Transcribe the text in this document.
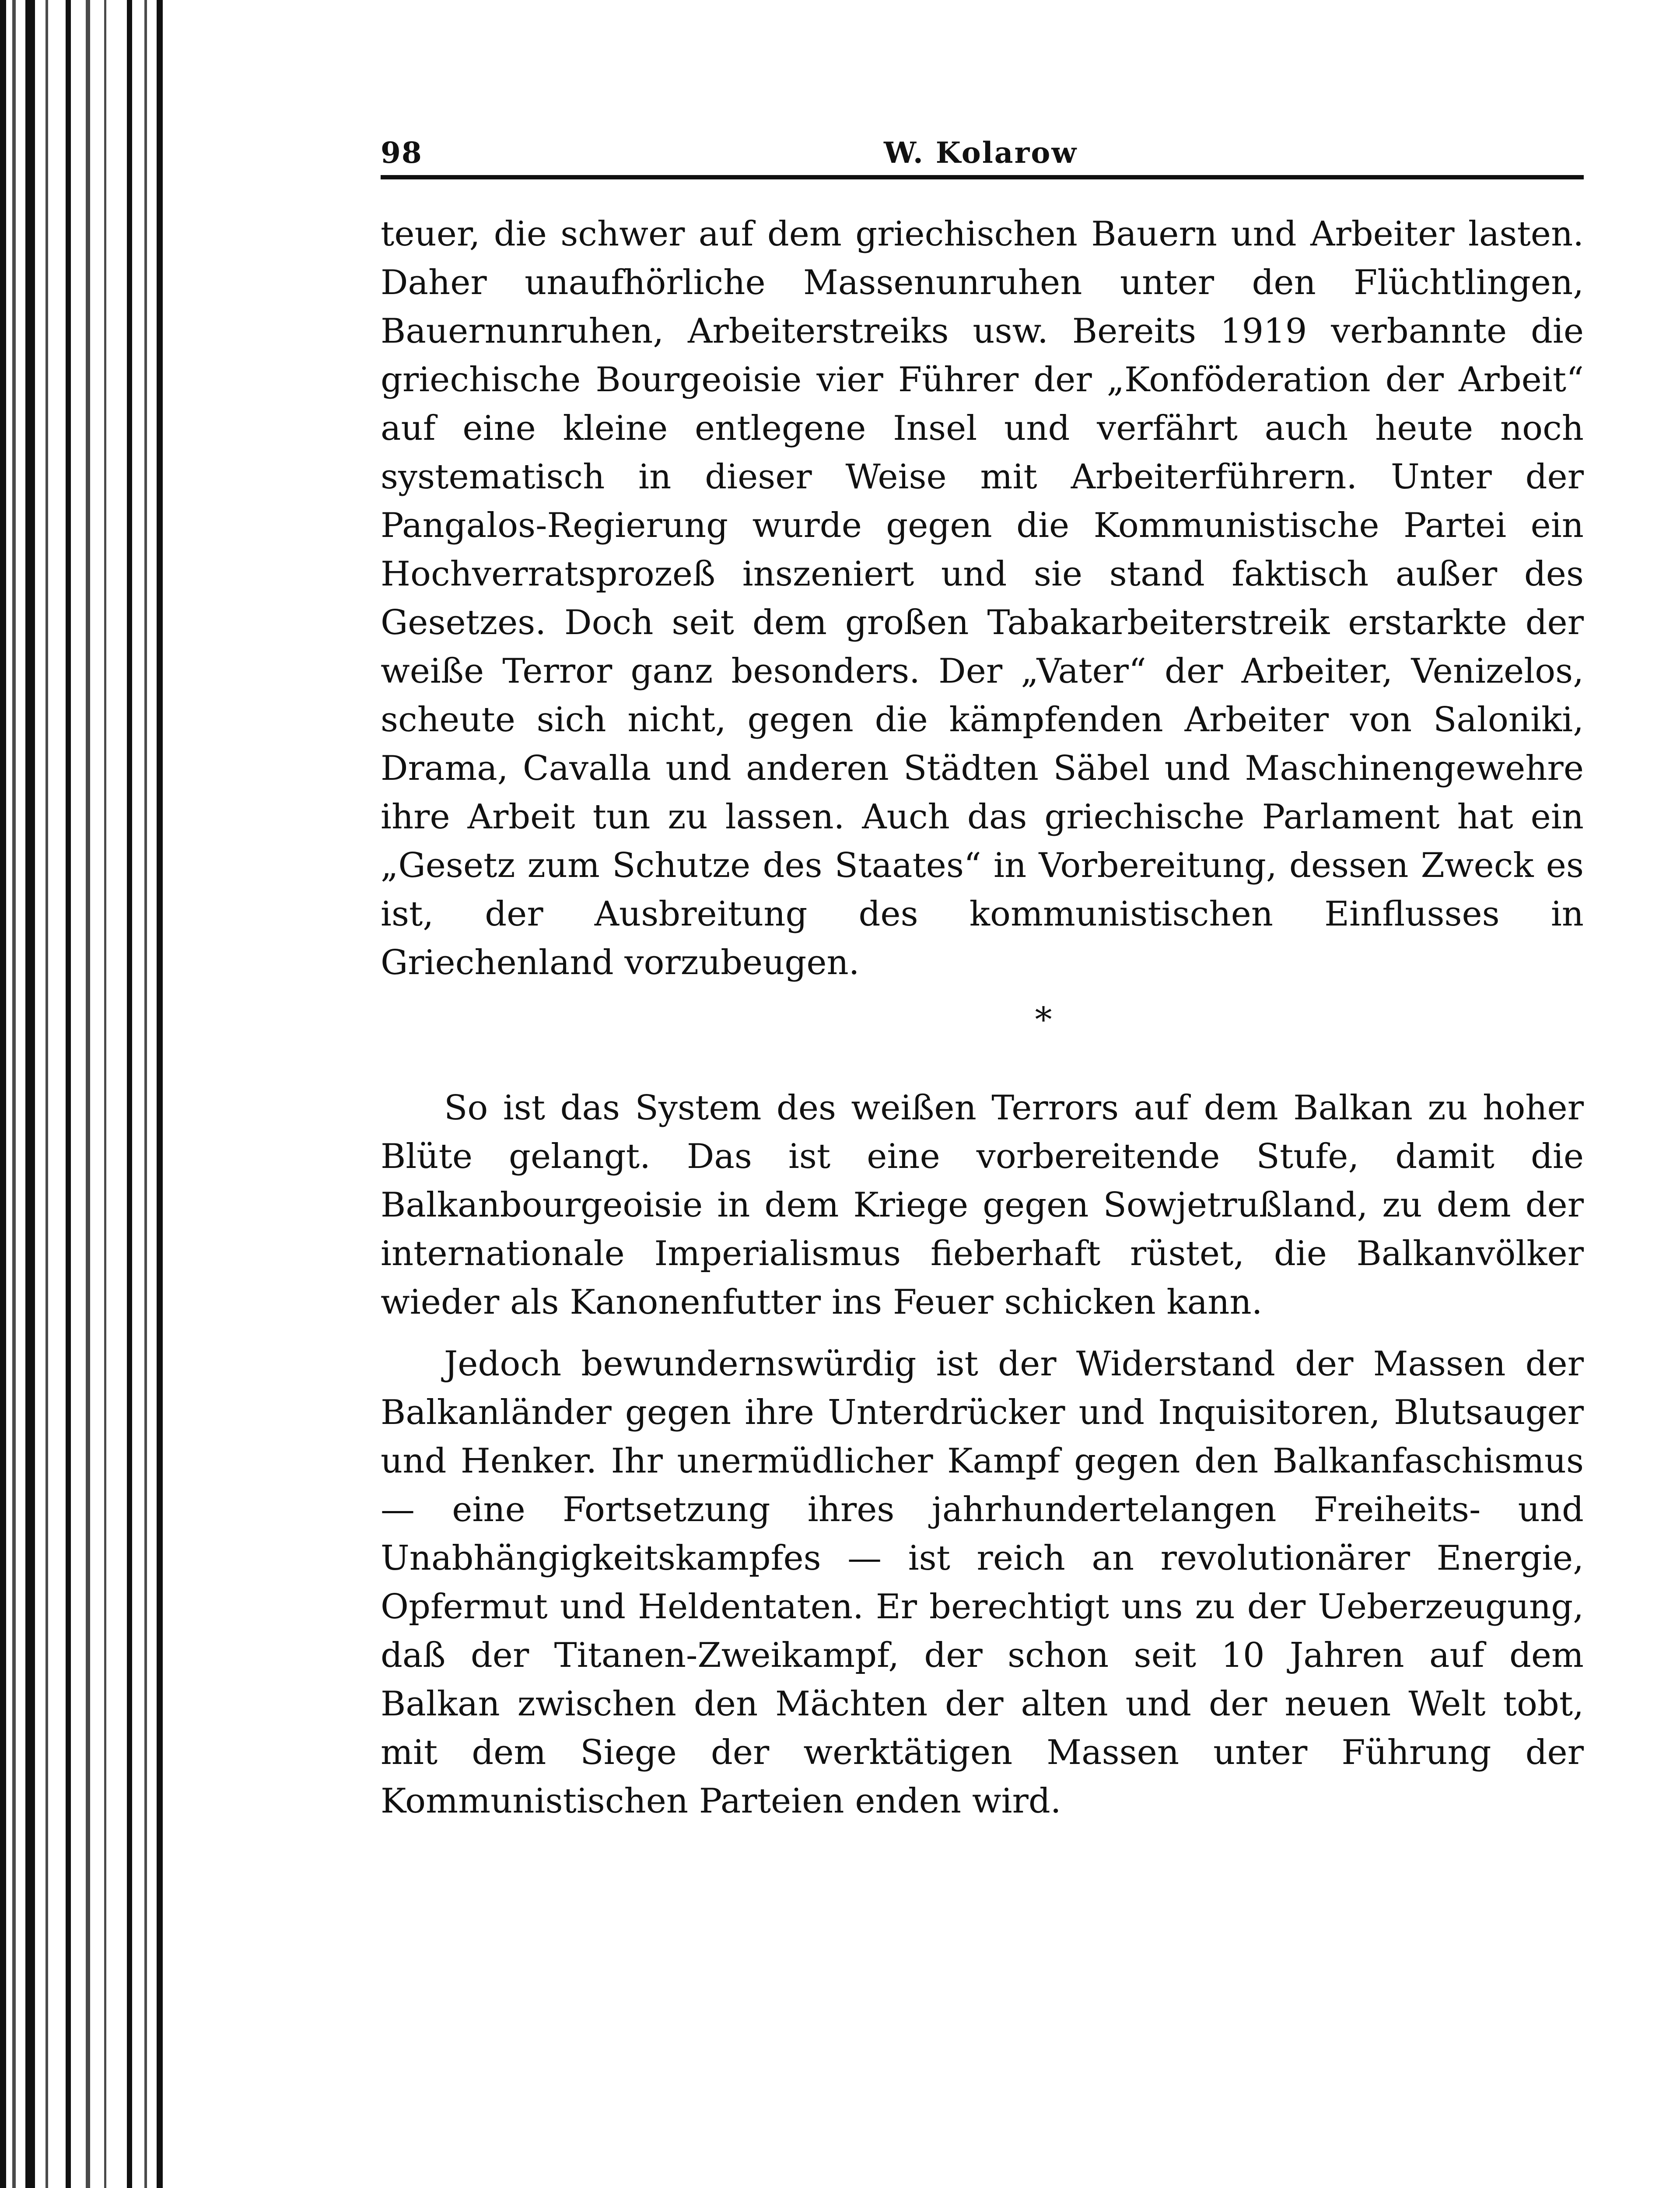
98	W. Kolarow

teuer, die schwer auf dem griechischen Bauern und Arbeiter lasten. Daher unaufhörliche Massenunruhen unter den Flüchtlingen, Bauernunruhen, Arbeiterstreiks usw. Bereits 1919 verbannte die griechische Bourgeoisie vier Führer der „Konföderation der Arbeit“ auf eine kleine entlegene Insel und verfährt auch heute noch systematisch in dieser Weise mit Arbeiterführern. Unter der Pangalos-Regierung wurde gegen die Kommunistische Partei ein Hochverratsprozeß inszeniert und sie stand faktisch außer des Gesetzes. Doch seit dem großen Tabakarbeiterstreik erstarkte der weiße Terror ganz besonders. Der „Vater“ der Arbeiter, Venizelos, scheute sich nicht, gegen die kämpfenden Arbeiter von Saloniki, Drama, Cavalla und anderen Städten Säbel und Maschinengewehre ihre Arbeit tun zu lassen. Auch das griechische Parlament hat ein „Gesetz zum Schutze des Staates“ in Vorbereitung, dessen Zweck es ist, der Ausbreitung des kommunistischen Einflusses in Griechenland vorzubeugen.

*

So ist das System des weißen Terrors auf dem Balkan zu hoher Blüte gelangt. Das ist eine vorbereitende Stufe, damit die Balkanbourgeoisie in dem Kriege gegen Sowjetrußland, zu dem der internationale Imperialismus fieberhaft rüstet, die Balkanvölker wieder als Kanonenfutter ins Feuer schicken kann.

Jedoch bewundernswürdig ist der Widerstand der Massen der Balkanländer gegen ihre Unterdrücker und Inquisitoren, Blutsauger und Henker. Ihr unermüdlicher Kampf gegen den Balkanfaschismus — eine Fortsetzung ihres jahrhundertelangen Freiheits- und Unabhängigkeitskampfes — ist reich an revolutionärer Energie, Opfermut und Heldentaten. Er berechtigt uns zu der Ueberzeugung, daß der Titanen-Zweikampf, der schon seit 10 Jahren auf dem Balkan zwischen den Mächten der alten und der neuen Welt tobt, mit dem Siege der werktätigen Massen unter Führung der Kommunistischen Parteien enden wird.
